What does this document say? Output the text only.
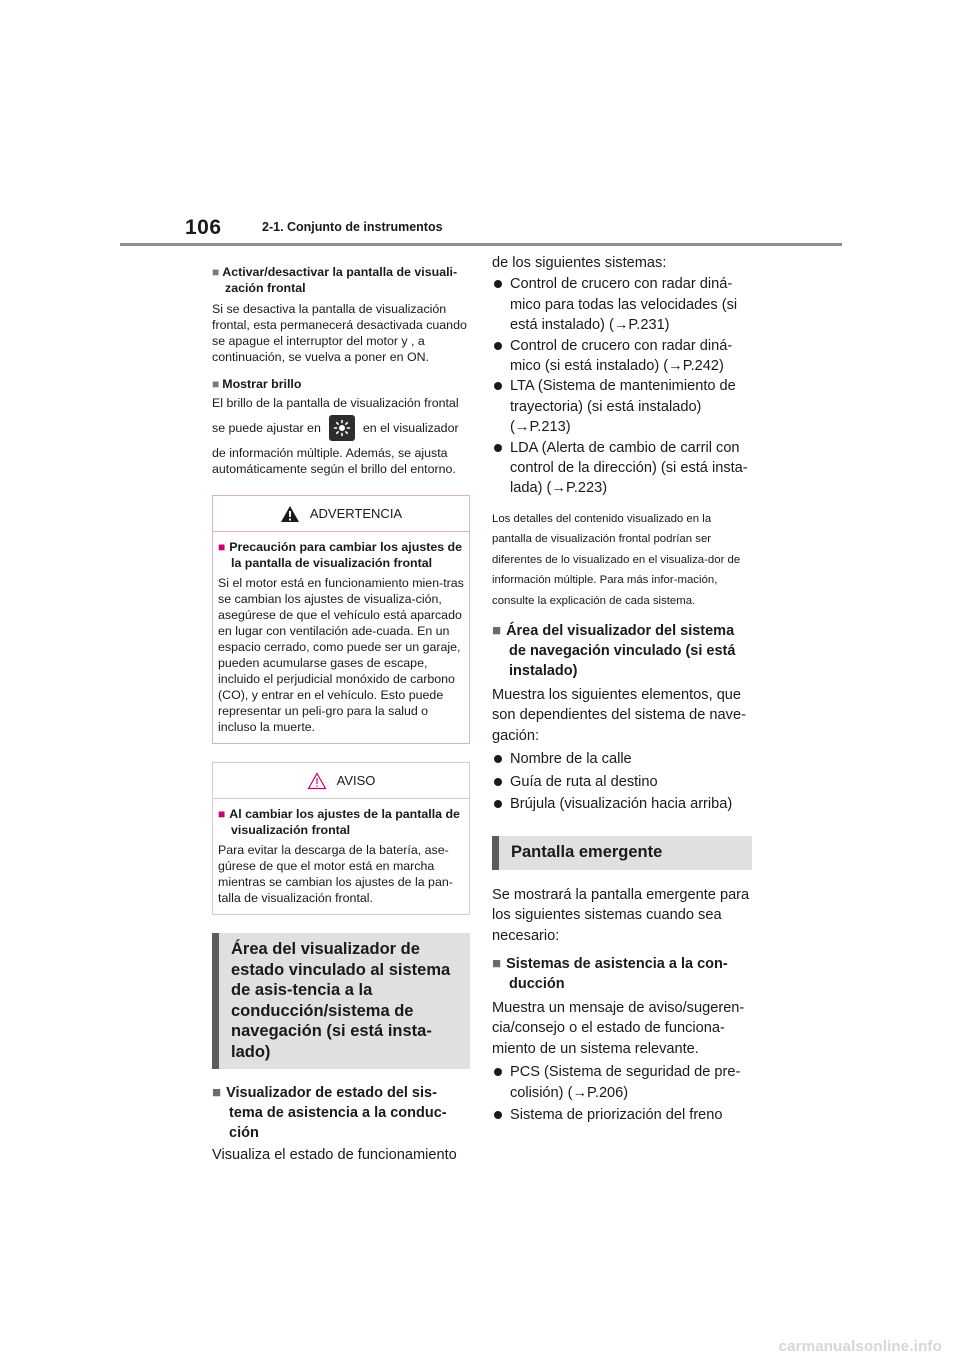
106	2-1. Conjunto de instrumentos

■ Activar/desactivar la pantalla de visuali-zación frontal

Si se desactiva la pantalla de visualización frontal, esta permanecerá desactivada cuando se apague el interruptor del motor y , a continuación, se vuelva a poner en ON.

■ Mostrar brillo

El brillo de la pantalla de visualización frontal

se puede ajustar en	en el visualizador

de información múltiple. Además, se ajusta automáticamente según el brillo del entorno.

ADVERTENCIA

■ Precaución para cambiar los ajustes de la pantalla de visualización frontal

Si el motor está en funcionamiento mien-tras se cambian los ajustes de visualiza-ción, asegúrese de que el vehículo está aparcado en lugar con ventilación ade-cuada. En un espacio cerrado, como puede ser un garaje, pueden acumularse gases de escape, incluido el perjudicial monóxido de carbono (CO), y entrar en el vehículo. Esto puede representar un peli-gro para la salud o incluso la muerte.

AVISO

■ Al cambiar los ajustes de la pantalla de visualización frontal

Para evitar la descarga de la batería, ase-gúrese de que el motor está en marcha mientras se cambian los ajustes de la pan-talla de visualización frontal.

Área del visualizador de estado vinculado al sistema de asis-tencia a la conducción/sistema de navegación (si está insta-lado)

■ Visualizador de estado del sis-tema de asistencia a la conduc-ción

Visualiza el estado de funcionamiento

de los siguientes sistemas:

Control de crucero con radar diná-mico para todas las velocidades (si está instalado) (→P.231)
Control de crucero con radar diná-mico (si está instalado) (→P.242)
LTA (Sistema de mantenimiento de trayectoria) (si está instalado) (→P.213)
LDA (Alerta de cambio de carril con control de la dirección) (si está insta-lada) (→P.223)

Los detalles del contenido visualizado en la pantalla de visualización frontal podrían ser diferentes de lo visualizado en el visualiza-dor de información múltiple. Para más infor-mación, consulte la explicación de cada sistema.

■ Área del visualizador del sistema de navegación vinculado (si está instalado)

Muestra los siguientes elementos, que son dependientes del sistema de nave-gación:

Nombre de la calle
Guía de ruta al destino
Brújula (visualización hacia arriba)
Pantalla emergente

Se mostrará la pantalla emergente para los siguientes sistemas cuando sea necesario:

■ Sistemas de asistencia a la con-ducción

Muestra un mensaje de aviso/sugeren-cia/consejo o el estado de funciona-miento de un sistema relevante.

PCS (Sistema de seguridad de pre-colisión) (→P.206)
Sistema de priorización del freno
carmanualsonline.info
